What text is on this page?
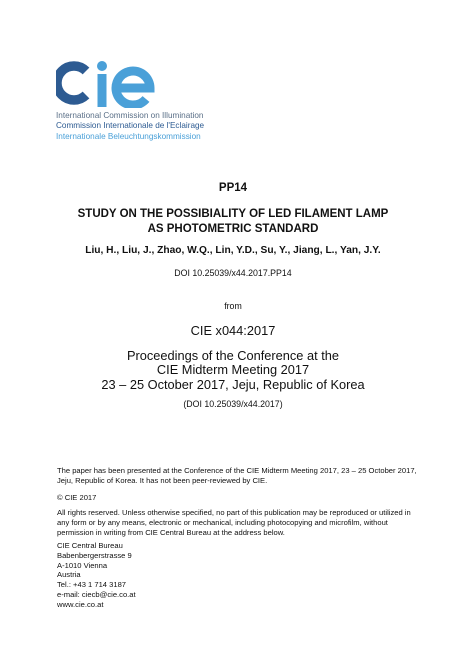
International Commission on Illumination
Commission Internationale de l'Eclairage
Internationale Beleuchtungskommission
PP14
STUDY ON THE POSSIBIALITY OF LED FILAMENT LAMP
AS PHOTOMETRIC STANDARD
Liu, H., Liu, J., Zhao, W.Q., Lin, Y.D., Su, Y., Jiang, L., Yan, J.Y.
DOI 10.25039/x44.2017.PP14
from
CIE x044:2017
Proceedings of the Conference at the
CIE Midterm Meeting 2017
23 – 25 October 2017, Jeju, Republic of Korea
(DOI 10.25039/x44.2017)
The paper has been presented at the Conference of the CIE Midterm Meeting 2017, 23 – 25 October 2017, Jeju, Republic of Korea. It has not been peer-reviewed by CIE.
© CIE 2017
All rights reserved. Unless otherwise specified, no part of this publication may be reproduced or utilized in any form or by any means, electronic or mechanical, including photocopying and microfilm, without permission in writing from CIE Central Bureau at the address below.
CIE Central Bureau
Babenbergerstrasse 9
A-1010 Vienna
Austria
Tel.: +43 1 714 3187
e-mail: ciecb@cie.co.at
www.cie.co.at
